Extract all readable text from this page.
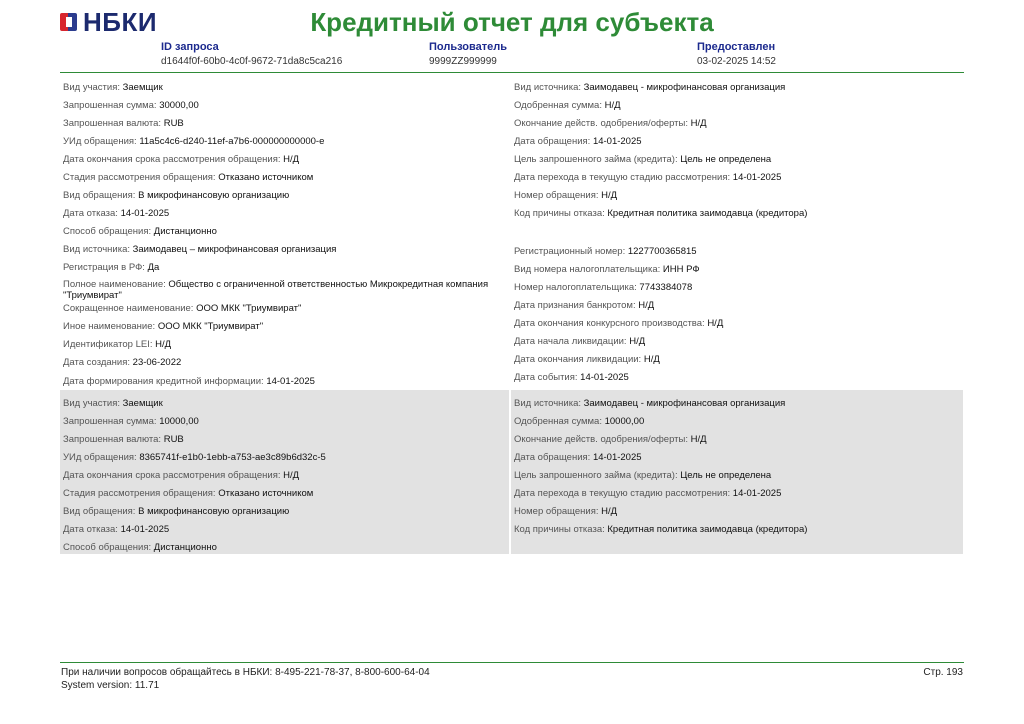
НБКИ	Кредитный отчет для субъекта
ID запроса
d1644f0f-60b0-4c0f-9672-71da8c5ca216
Пользователь
9999ZZ999999
Предоставлен
03-02-2025 14:52
Вид участия: Заемщик
Запрошенная сумма: 30000,00
Запрошенная валюта: RUB
УИд обращения: 11a5c4c6-d240-11ef-a7b6-000000000000-e
Дата окончания срока рассмотрения обращения: Н/Д
Стадия рассмотрения обращения: Отказано источником
Вид обращения: В микрофинансовую организацию
Дата отказа: 14-01-2025
Способ обращения: Дистанционно
Вид источника: Заимодавец – микрофинансовая организация
Регистрация в РФ: Да
Полное наименование: Общество с ограниченной ответственностью Микрокредитная компания "Триумвират"
Сокращенное наименование: ООО МКК "Триумвират"
Иное наименование: ООО МКК "Триумвират"
Идентификатор LEI: Н/Д
Дата создания: 23-06-2022
Дата формирования кредитной информации: 14-01-2025
Вид источника: Заимодавец - микрофинансовая организация
Одобренная сумма: Н/Д
Окончание действ. одобрения/оферты: Н/Д
Дата обращения: 14-01-2025
Цель запрошенного займа (кредита): Цель не определена
Дата перехода в текущую стадию рассмотрения: 14-01-2025
Номер обращения: Н/Д
Код причины отказа: Кредитная политика заимодавца (кредитора)
Регистрационный номер: 1227700365815
Вид номера налогоплательщика: ИНН РФ
Номер налогоплательщика: 7743384078
Дата признания банкротом: Н/Д
Дата окончания конкурсного производства: Н/Д
Дата начала ликвидации: Н/Д
Дата окончания ликвидации: Н/Д
Дата события: 14-01-2025
Вид участия: Заемщик
Запрошенная сумма: 10000,00
Запрошенная валюта: RUB
УИд обращения: 8365741f-e1b0-1ebb-a753-ae3c89b6d32c-5
Дата окончания срока рассмотрения обращения: Н/Д
Стадия рассмотрения обращения: Отказано источником
Вид обращения: В микрофинансовую организацию
Дата отказа: 14-01-2025
Способ обращения: Дистанционно
Вид источника: Заимодавец - микрофинансовая организация
Одобренная сумма: 10000,00
Окончание действ. одобрения/оферты: Н/Д
Дата обращения: 14-01-2025
Цель запрошенного займа (кредита): Цель не определена
Дата перехода в текущую стадию рассмотрения: 14-01-2025
Номер обращения: Н/Д
Код причины отказа: Кредитная политика заимодавца (кредитора)
При наличии вопросов обращайтесь в НБКИ: 8-495-221-78-37, 8-800-600-64-04
System version: 11.71
Стр. 193
